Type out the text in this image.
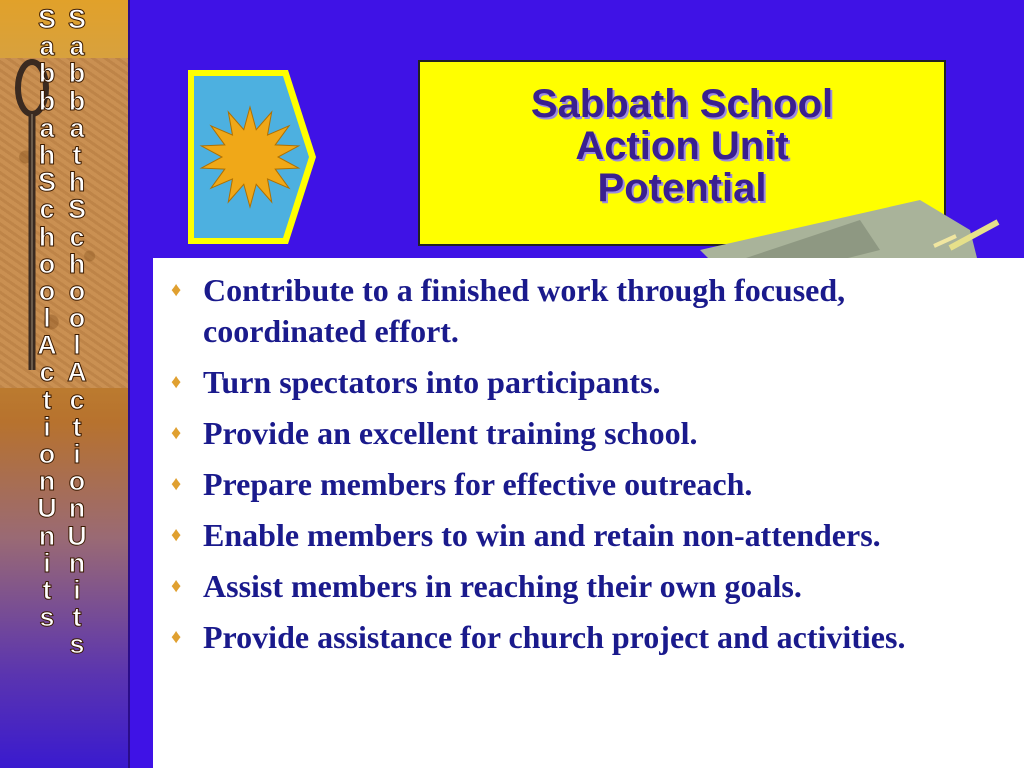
S
a
b
b
a
h
S
c
h
o
o
l
A
c
t
i
o
n
U
n
i
t
s
S
a
b
b
a
t
h
S
c
h
o
o
l
A
c
t
i
o
n
U
n
i
t
s
Sabbath School
Action Unit
Potential
♦ Contribute to a finished work through focused, coordinated effort.
♦ Turn spectators into participants.
♦ Provide an excellent training school.
♦ Prepare members for effective outreach.
♦ Enable members to win and retain non-attenders.
♦ Assist members in reaching their own goals.
♦ Provide assistance for church project and activities.
